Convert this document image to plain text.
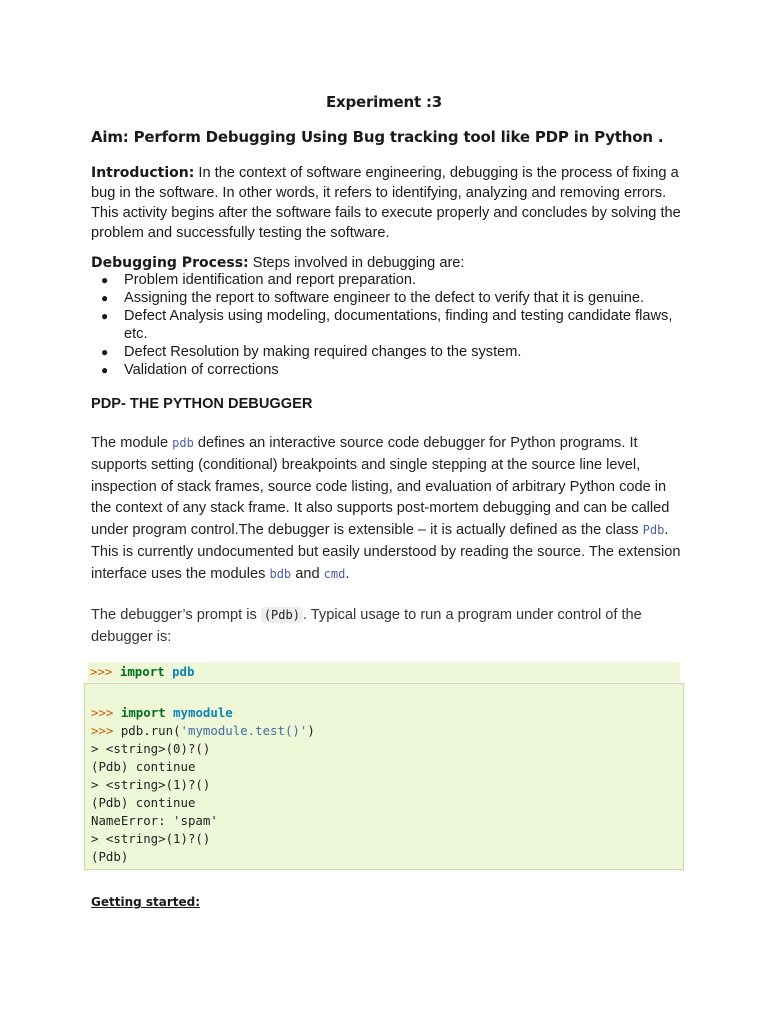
Experiment :3
Aim: Perform Debugging Using Bug tracking tool like PDP in Python .
Introduction: In the context of software engineering, debugging is the process of fixing a bug in the software. In other words, it refers to identifying, analyzing and removing errors. This activity begins after the software fails to execute properly and concludes by solving the problem and successfully testing the software.
Debugging Process: Steps involved in debugging are:
● Problem identification and report preparation.
● Assigning the report to software engineer to the defect to verify that it is genuine.
● Defect Analysis using modeling, documentations, finding and testing candidate flaws, etc.
● Defect Resolution by making required changes to the system.
● Validation of corrections
PDP- THE PYTHON DEBUGGER
The module pdb defines an interactive source code debugger for Python programs. It supports setting (conditional) breakpoints and single stepping at the source line level, inspection of stack frames, source code listing, and evaluation of arbitrary Python code in the context of any stack frame. It also supports post-mortem debugging and can be called under program control.The debugger is extensible – it is actually defined as the class Pdb. This is currently undocumented but easily understood by reading the source. The extension interface uses the modules bdb and cmd.
The debugger’s prompt is (Pdb) . Typical usage to run a program under control of the debugger is:
>>> import pdb
>>> import mymodule
>>> pdb.run('mymodule.test()')
> <string>(0)?()
(Pdb) continue
> <string>(1)?()
(Pdb) continue
NameError: 'spam'
> <string>(1)?()
(Pdb)
Getting started:
